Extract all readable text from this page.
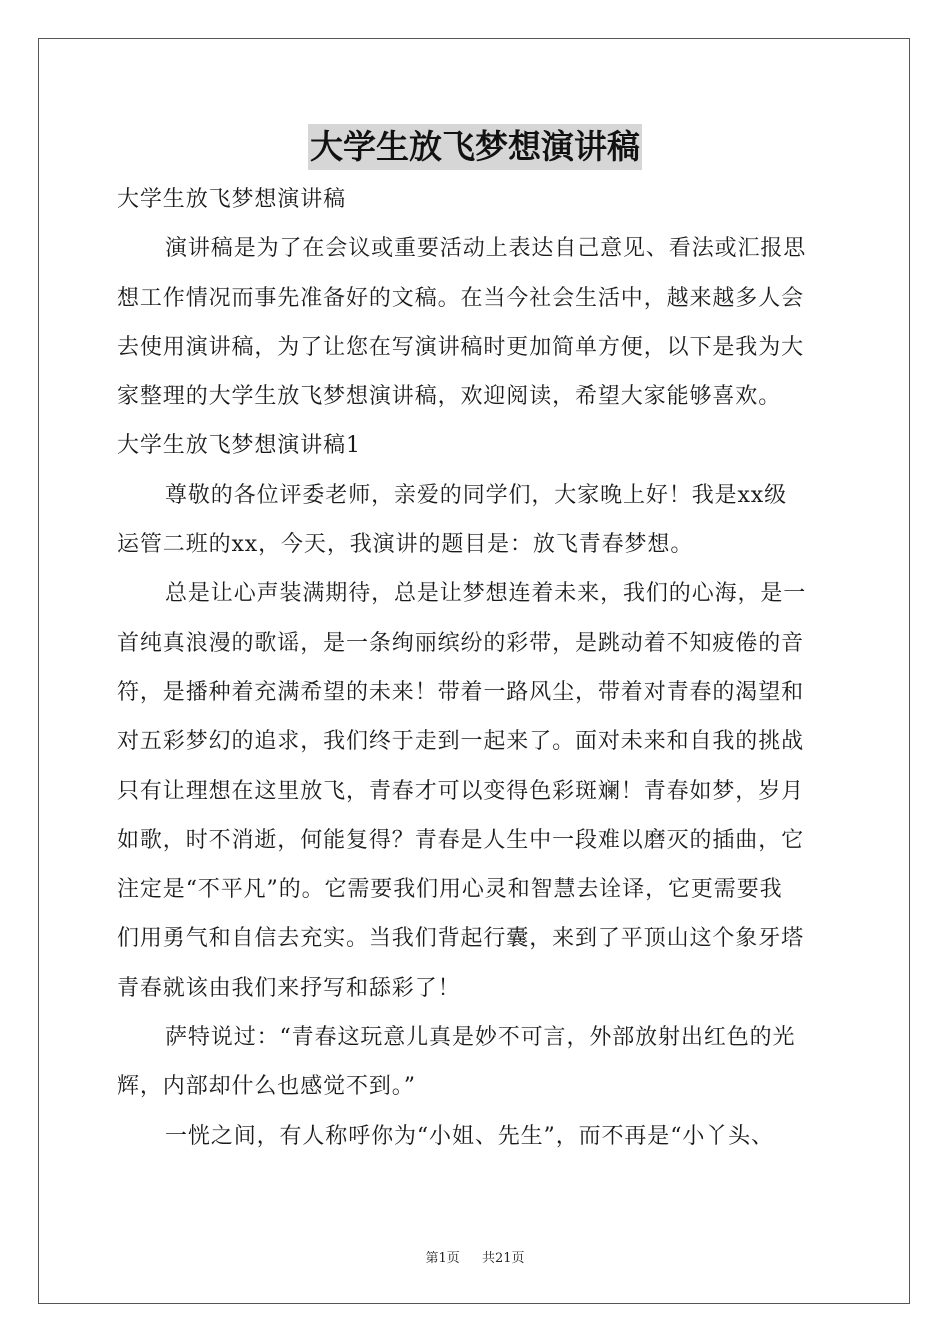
大学生放飞梦想演讲稿
大学生放飞梦想演讲稿
演讲稿是为了在会议或重要活动上表达自己意见、看法或汇报思
想工作情况而事先准备好的文稿。在当今社会生活中，越来越多人会
去使用演讲稿，为了让您在写演讲稿时更加简单方便，以下是我为大
家整理的大学生放飞梦想演讲稿，欢迎阅读，希望大家能够喜欢。
大学生放飞梦想演讲稿1
尊敬的各位评委老师，亲爱的同学们，大家晚上好！我是xx级
运管二班的xx，今天，我演讲的题目是：放飞青春梦想。
总是让心声装满期待，总是让梦想连着未来，我们的心海，是一
首纯真浪漫的歌谣，是一条绚丽缤纷的彩带，是跳动着不知疲倦的音
符，是播种着充满希望的未来！带着一路风尘，带着对青春的渴望和
对五彩梦幻的追求，我们终于走到一起来了。面对未来和自我的挑战
只有让理想在这里放飞，青春才可以变得色彩斑斓！青春如梦，岁月
如歌，时不消逝，何能复得？青春是人生中一段难以磨灭的插曲，它
注定是“不平凡”的。它需要我们用心灵和智慧去诠译，它更需要我
们用勇气和自信去充实。当我们背起行囊，来到了平顶山这个象牙塔
青春就该由我们来抒写和舔彩了！
萨特说过：“青春这玩意儿真是妙不可言，外部放射出红色的光
辉，内部却什么也感觉不到。”
一恍之间，有人称呼你为“小姐、先生”，而不再是“小丫头、
第1页 共21页
